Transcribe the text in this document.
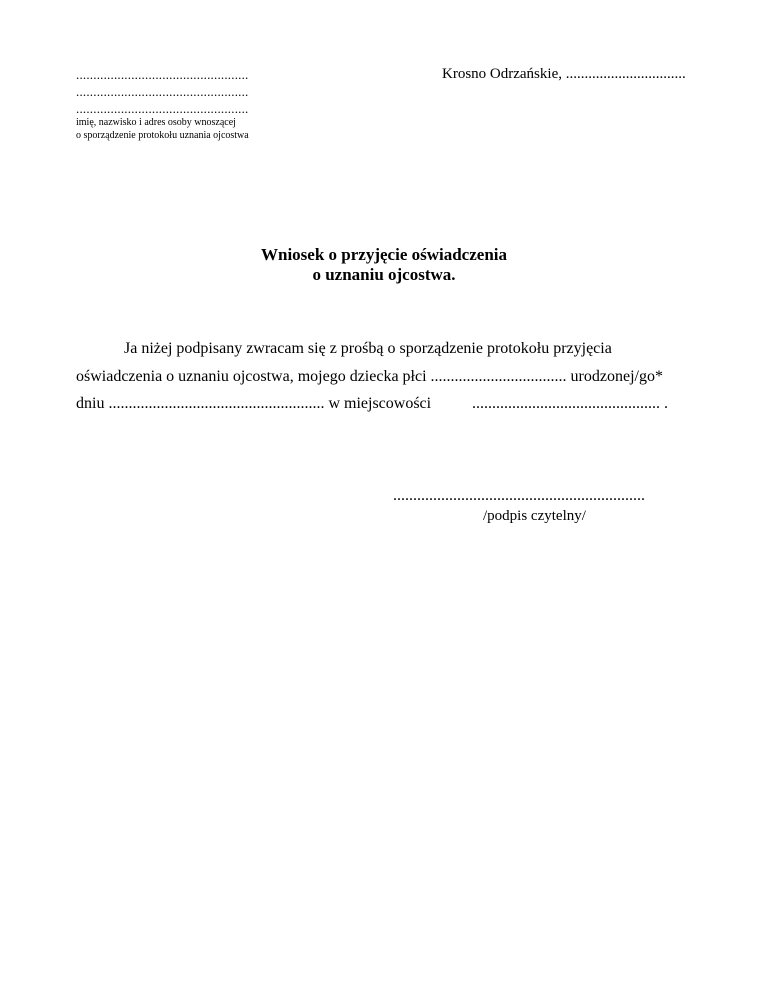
..................................................
..................................................
..................................................
imię, nazwisko i adres osoby wnoszącej
o sporządzenie protokołu uznania ojcostwa
Krosno Odrzańskie, ................................
Wniosek o przyjęcie oświadczenia
o uznaniu ojcostwa.
Ja niżej podpisany zwracam się z prośbą o sporządzenie protokołu przyjęcia
oświadczenia o uznaniu ojcostwa, mojego dziecka płci .................................. urodzonej/go*
dniu ...................................................... w miejscowości	............................................... .
...............................................................
/podpis czytelny/
